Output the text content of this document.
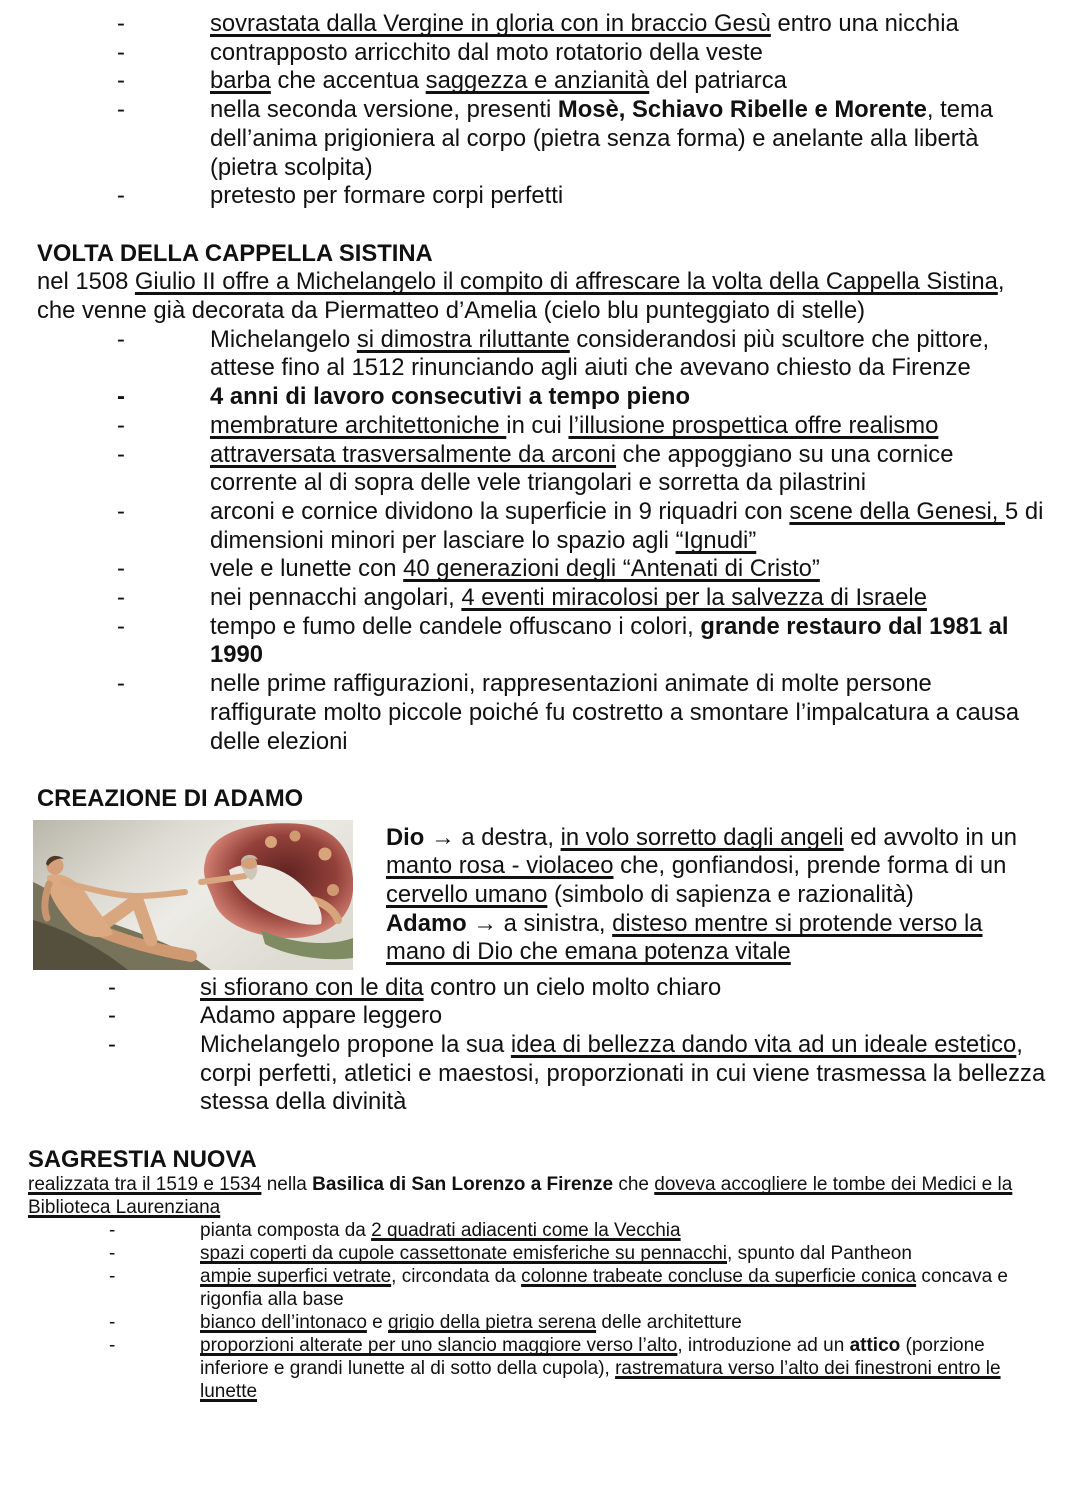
-	sovrastata dalla Vergine in gloria con in braccio Gesù entro una nicchia
-	contrapposto arricchito dal moto rotatorio della veste
-	barba che accentua saggezza e anzianità del patriarca
-	nella seconda versione, presenti Mosè, Schiavo Ribelle e Morente, tema
dell’anima prigioniera al corpo (pietra senza forma) e anelante alla libertà
(pietra scolpita)
-	pretesto per formare corpi perfetti
VOLTA DELLA CAPPELLA SISTINA
nel 1508 Giulio II offre a Michelangelo il compito di affrescare la volta della Cappella Sistina,
che venne già decorata da Piermatteo d’Amelia (cielo blu punteggiato di stelle)
-	Michelangelo si dimostra riluttante considerandosi più scultore che pittore,
attese fino al 1512 rinunciando agli aiuti che avevano chiesto da Firenze
-	4 anni di lavoro consecutivi a tempo pieno
-	membrature architettoniche in cui l’illusione prospettica offre realismo
-	attraversata trasversalmente da arconi che appoggiano su una cornice
corrente al di sopra delle vele triangolari e sorretta da pilastrini
-	arconi e cornice dividono la superficie in 9 riquadri con scene della Genesi, 5 di
dimensioni minori per lasciare lo spazio agli “Ignudi”
-	vele e lunette con 40 generazioni degli “Antenati di Cristo”
-	nei pennacchi angolari, 4 eventi miracolosi per la salvezza di Israele
-	tempo e fumo delle candele offuscano i colori, grande restauro dal 1981 al
1990
-	nelle prime raffigurazioni, rappresentazioni animate di molte persone
raffigurate molto piccole poiché fu costretto a smontare l’impalcatura a causa
delle elezioni
CREAZIONE DI ADAMO
Dio → a destra, in volo sorretto dagli angeli ed avvolto in un
manto rosa - violaceo che, gonfiandosi, prende forma di un
cervello umano (simbolo di sapienza e razionalità)
Adamo → a sinistra, disteso mentre si protende verso la
mano di Dio che emana potenza vitale
-	si sfiorano con le dita contro un cielo molto chiaro
-	Adamo appare leggero
-	Michelangelo propone la sua idea di bellezza dando vita ad un ideale estetico,
corpi perfetti, atletici e maestosi, proporzionati in cui viene trasmessa la bellezza
stessa della divinità
SAGRESTIA NUOVA
realizzata tra il 1519 e 1534 nella Basilica di San Lorenzo a Firenze che doveva accogliere le tombe dei Medici e la
Biblioteca Laurenziana
-	pianta composta da 2 quadrati adiacenti come la Vecchia
-	spazi coperti da cupole cassettonate emisferiche su pennacchi, spunto dal Pantheon
-	ampie superfici vetrate, circondata da colonne trabeate concluse da superficie conica concava e
rigonfia alla base
-	bianco dell’intonaco e grigio della pietra serena delle architetture
-	proporzioni alterate per uno slancio maggiore verso l’alto, introduzione ad un attico (porzione
inferiore e grandi lunette al di sotto della cupola), rastrematura verso l’alto dei finestroni entro le
lunette
